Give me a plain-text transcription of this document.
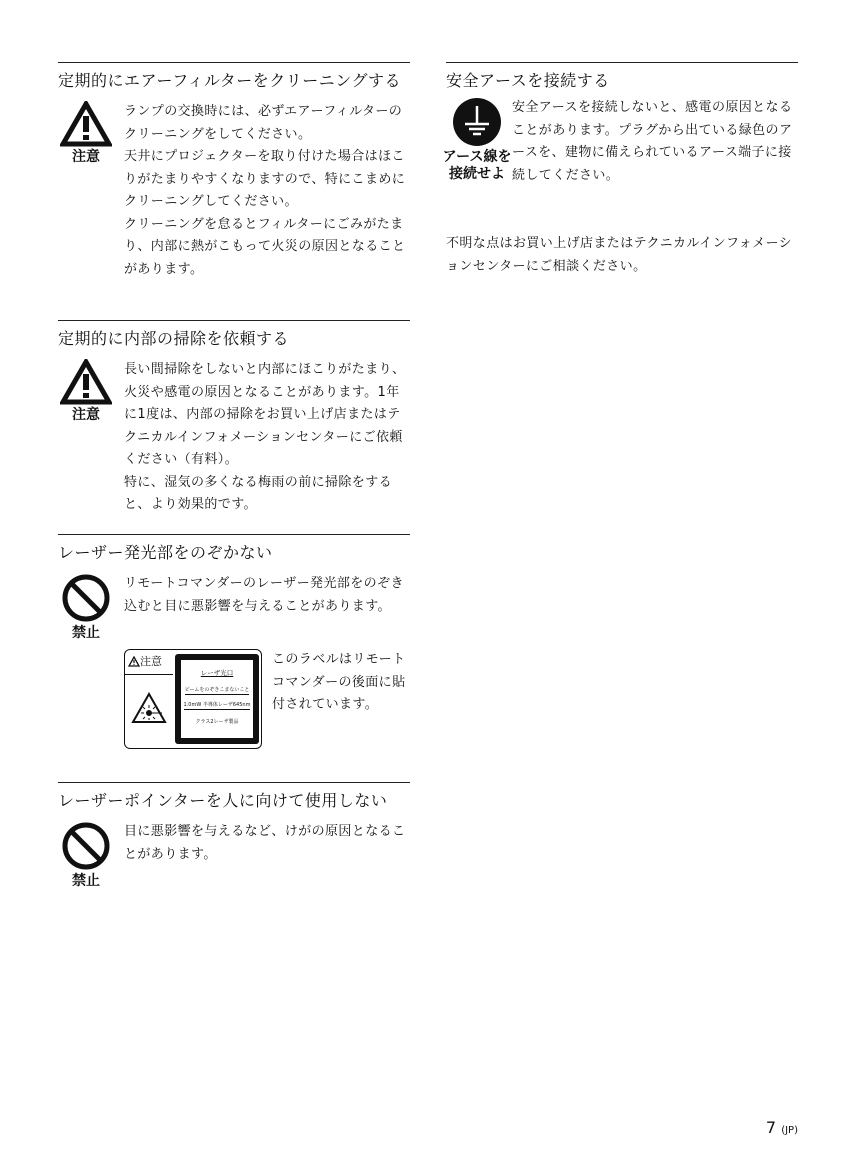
定期的にエアーフィルターをクリーニングする
注意

ランプの交換時には、必ずエアーフィルターのクリーニングをしてください。

天井にプロジェクターを取り付けた場合はほこりがたまりやすくなりますので、特にこまめにクリーニングしてください。

クリーニングを怠るとフィルターにごみがたまり、内部に熱がこもって火災の原因となることがあります。

定期的に内部の掃除を依頼する
注意

長い間掃除をしないと内部にほこりがたまり、火災や感電の原因となることがあります。1年に1度は、内部の掃除をお買い上げ店またはテクニカルインフォメーションセンターにご依頼ください（有料）。

特に、湿気の多くなる梅雨の前に掃除をすると、より効果的です。

レーザー発光部をのぞかない
禁止

リモートコマンダーのレーザー発光部をのぞき込むと目に悪影響を与えることがあります。

注意
レーザ光口
ビームをのぞきこまないこと
1.0mW 半導体レーザ645nm
クラス2レーザ製品
このラベルはリモートコマンダーの後面に貼付されています。
レーザーポインターを人に向けて使用しない
禁止

目に悪影響を与えるなど、けがの原因となることがあります。

安全アースを接続する
アース線を
接続せよ

安全アースを接続しないと、感電の原因となることがあります。プラグから出ている緑色のアースを、建物に備えられているアース端子に接続してください。

不明な点はお買い上げ店またはテクニカルインフォメーションセンターにご相談ください。
7 (JP)
